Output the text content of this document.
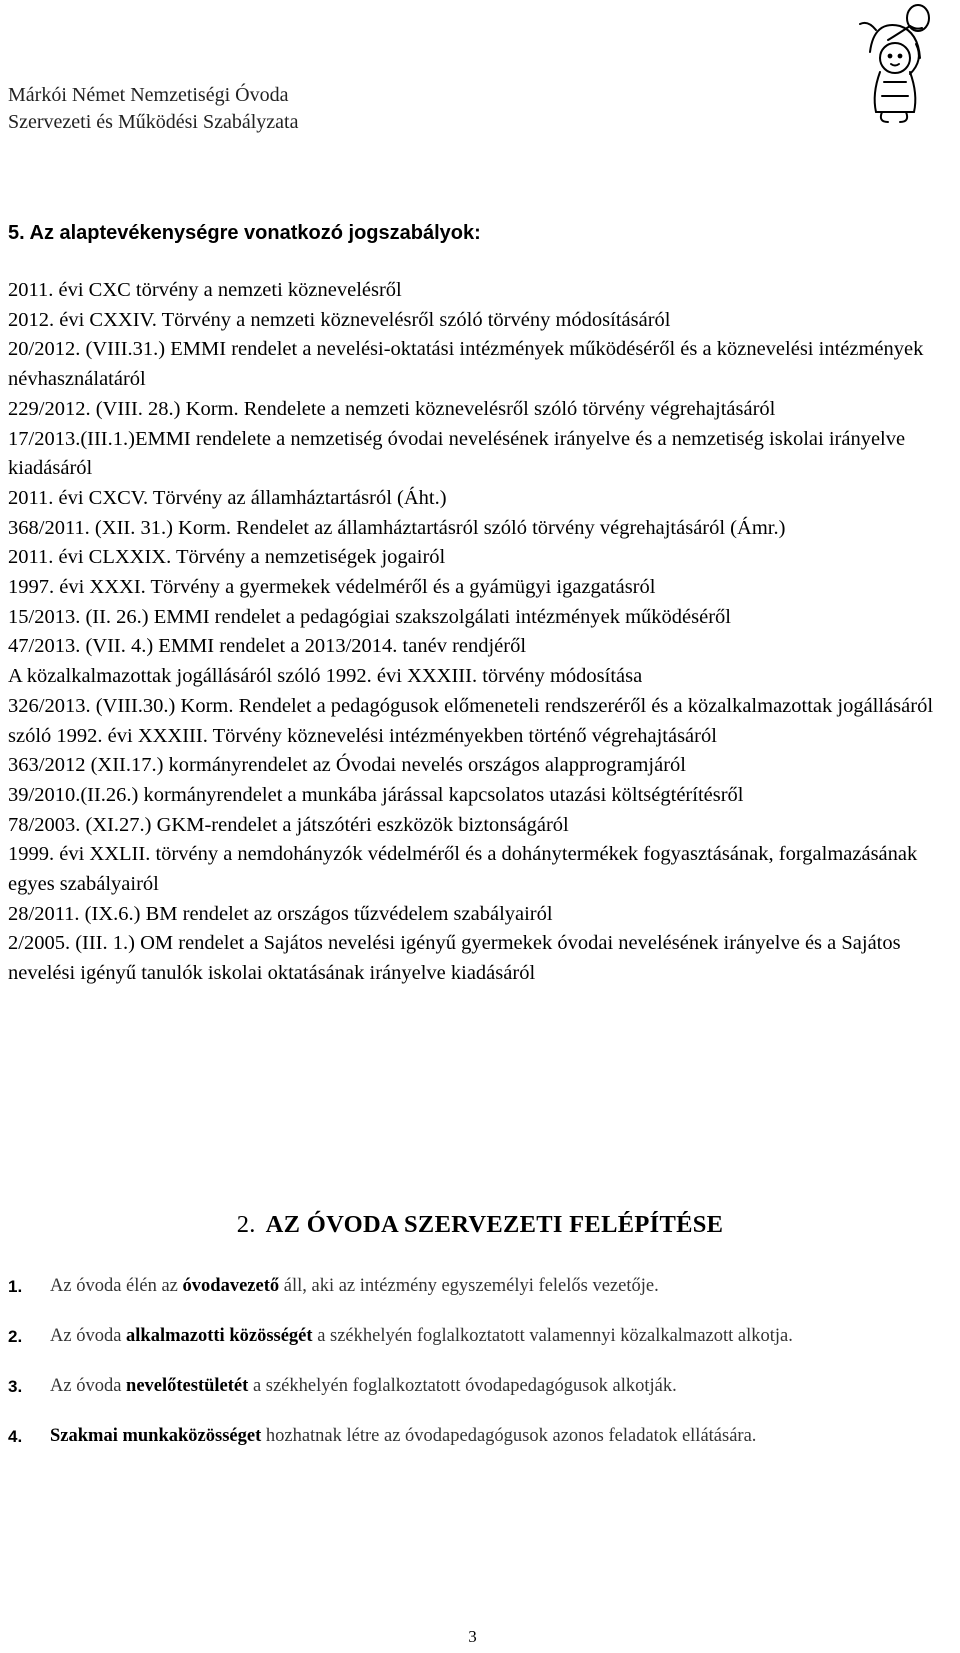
Márkói Német Nemzetiségi Óvoda
Szervezeti és Működési Szabályzata
5. Az alaptevékenységre vonatkozó jogszabályok:
2011. évi CXC törvény a nemzeti köznevelésről
2012. évi CXXIV. Törvény a nemzeti köznevelésről szóló törvény módosításáról
20/2012. (VIII.31.) EMMI rendelet a nevelési-oktatási intézmények működéséről és a köznevelési intézmények névhasználatáról
229/2012. (VIII. 28.) Korm. Rendelete a nemzeti köznevelésről szóló törvény végrehajtásáról
17/2013.(III.1.)EMMI rendelete a nemzetiség óvodai nevelésének irányelve és a nemzetiség iskolai irányelve kiadásáról
2011. évi CXCV. Törvény az államháztartásról (Áht.)
368/2011. (XII. 31.) Korm. Rendelet az államháztartásról szóló törvény végrehajtásáról (Ámr.)
2011. évi CLXXIX. Törvény a nemzetiségek jogairól
1997. évi XXXI. Törvény a gyermekek védelméről és a gyámügyi igazgatásról
15/2013. (II. 26.) EMMI rendelet a pedagógiai szakszolgálati intézmények működéséről
47/2013. (VII. 4.) EMMI rendelet a 2013/2014. tanév rendjéről
A közalkalmazottak jogállásáról szóló 1992. évi XXXIII. törvény módosítása
326/2013. (VIII.30.) Korm. Rendelet a pedagógusok előmeneteli rendszeréről és a közalkalmazottak jogállásáról szóló 1992. évi XXXIII. Törvény köznevelési intézményekben történő végrehajtásáról
363/2012 (XII.17.) kormányrendelet az Óvodai nevelés országos alapprogramjáról
39/2010.(II.26.) kormányrendelet a munkába járással kapcsolatos utazási költségtérítésről
78/2003. (XI.27.) GKM-rendelet a játszótéri eszközök biztonságáról
1999. évi XXLII. törvény a nemdohányzók védelméről és a dohánytermékek fogyasztásának, forgalmazásának egyes szabályairól
28/2011. (IX.6.) BM rendelet az országos tűzvédelem szabályairól
2/2005. (III. 1.) OM rendelet a Sajátos nevelési igényű gyermekek óvodai nevelésének irányelve és a Sajátos nevelési igényű tanulók iskolai oktatásának irányelve kiadásáról
2. AZ ÓVODA SZERVEZETI FELÉPÍTÉSE
1. Az óvoda élén az óvodavezető áll, aki az intézmény egyszemélyi felelős vezetője.
2. Az óvoda alkalmazotti közösségét a székhelyén foglalkoztatott valamennyi közalkalmazott alkotja.
3. Az óvoda nevelőtestületét a székhelyén foglalkoztatott óvodapedagógusok alkotják.
4. Szakmai munkaközösséget hozhatnak létre az óvodapedagógusok azonos feladatok ellátására.
3
